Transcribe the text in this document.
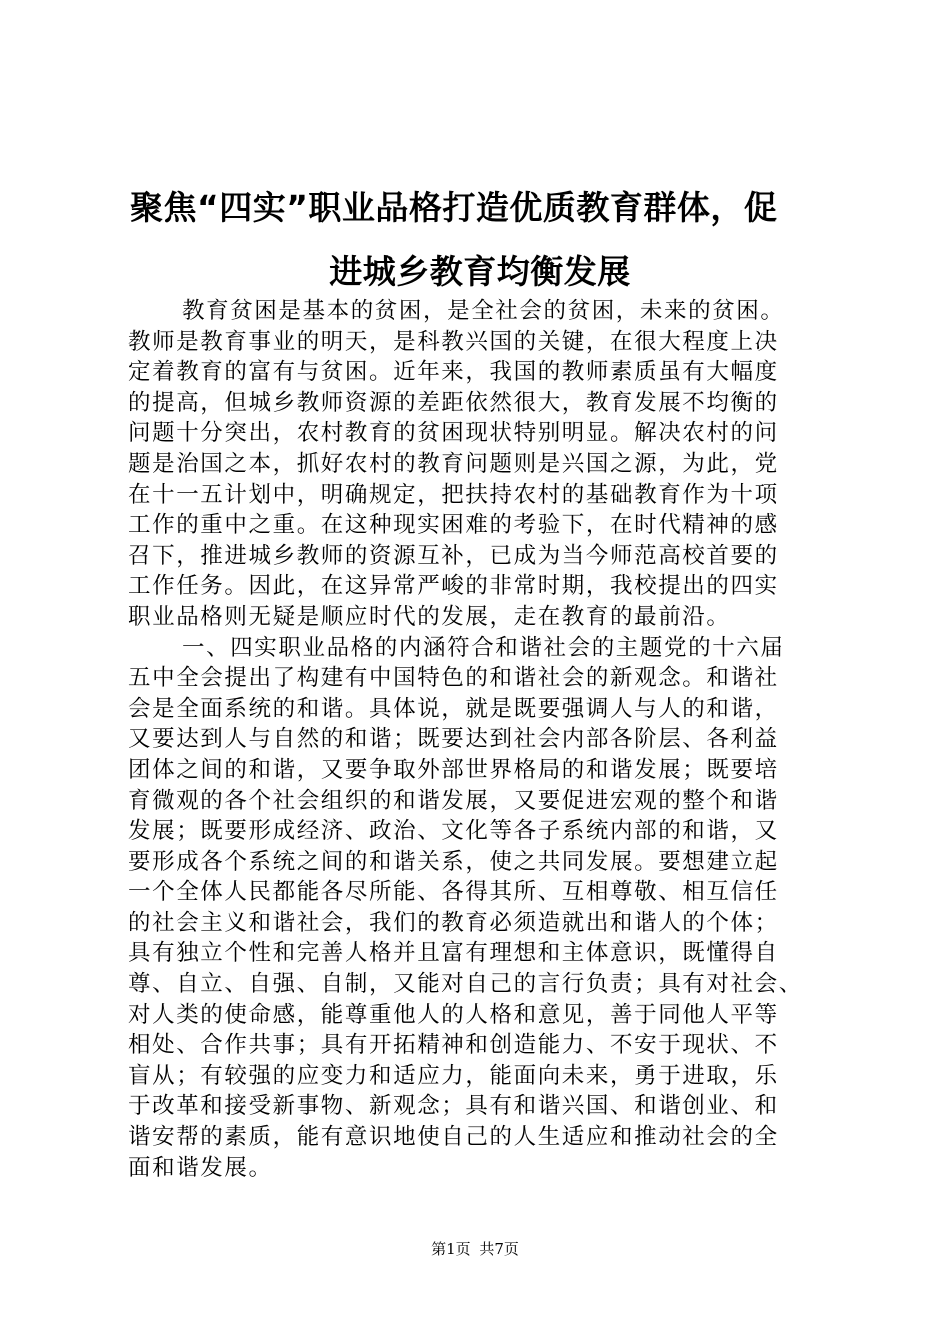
聚焦“四实”职业品格打造优质教育群体，促
进城乡教育均衡发展
教育贫困是基本的贫困，是全社会的贫困，未来的贫困。
教师是教育事业的明天，是科教兴国的关键，在很大程度上决
定着教育的富有与贫困。近年来，我国的教师素质虽有大幅度
的提高，但城乡教师资源的差距依然很大，教育发展不均衡的
问题十分突出，农村教育的贫困现状特别明显。解决农村的问
题是治国之本，抓好农村的教育问题则是兴国之源，为此，党
在十一五计划中，明确规定，把扶持农村的基础教育作为十项
工作的重中之重。在这种现实困难的考验下，在时代精神的感
召下，推进城乡教师的资源互补，已成为当今师范高校首要的
工作任务。因此，在这异常严峻的非常时期，我校提出的四实
职业品格则无疑是顺应时代的发展，走在教育的最前沿。
一、四实职业品格的内涵符合和谐社会的主题党的十六届
五中全会提出了构建有中国特色的和谐社会的新观念。和谐社
会是全面系统的和谐。具体说，就是既要强调人与人的和谐，
又要达到人与自然的和谐；既要达到社会内部各阶层、各利益
团体之间的和谐，又要争取外部世界格局的和谐发展；既要培
育微观的各个社会组织的和谐发展，又要促进宏观的整个和谐
发展；既要形成经济、政治、文化等各子系统内部的和谐，又
要形成各个系统之间的和谐关系，使之共同发展。要想建立起
一个全体人民都能各尽所能、各得其所、互相尊敬、相互信任
的社会主义和谐社会，我们的教育必须造就出和谐人的个体；
具有独立个性和完善人格并且富有理想和主体意识，既懂得自
尊、自立、自强、自制，又能对自己的言行负责；具有对社会、
对人类的使命感，能尊重他人的人格和意见，善于同他人平等
相处、合作共事；具有开拓精神和创造能力、不安于现状、不
盲从；有较强的应变力和适应力，能面向未来，勇于进取，乐
于改革和接受新事物、新观念；具有和谐兴国、和谐创业、和
谐安帮的素质，能有意识地使自己的人生适应和推动社会的全
面和谐发展。
第1页 共7页
